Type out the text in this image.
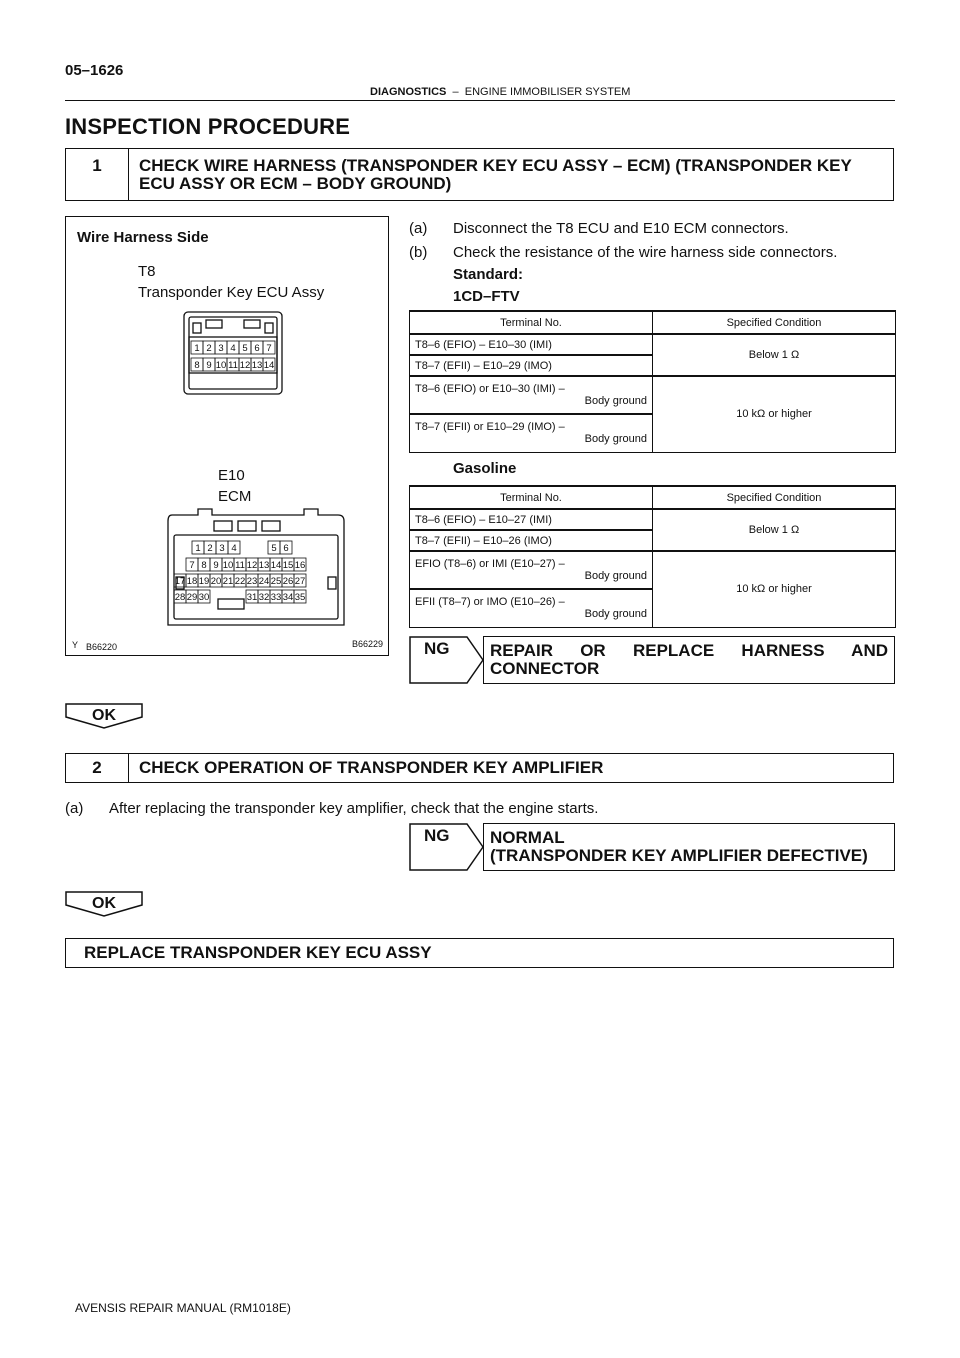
05–1626
DIAGNOSTICS – ENGINE IMMOBILISER SYSTEM
INSPECTION PROCEDURE
1	CHECK WIRE HARNESS (TRANSPONDER KEY ECU ASSY – ECM) (TRANSPONDER KEY ECU ASSY OR ECM – BODY GROUND)
Wire Harness Side
T8
Transponder Key ECU Assy
1 2 3 4 5 6 7
8 9 10 11 12 13 14
E10
ECM
1 2 3 4	5 6
7 8 9 10 11 12 13 14 15 16
17 18 19 20 21 22 23 24 25 26 27
28 29 30	31 32 33 34 35
Y B66220	B66229
(a) Disconnect the T8 ECU and E10 ECM connectors.
(b) Check the resistance of the wire harness side connectors.
Standard:
1CD–FTV
Terminal No.	Specified Condition
T8–6 (EFIO) – E10–30 (IMI)	Below 1 Ω
T8–7 (EFII) – E10–29 (IMO)	

T8–6 (EFIO) or E10–30 (IMI) –
Body ground	10 kΩ or higher

T8–7 (EFII) or E10–29 (IMO) –
Body ground	
Gasoline
Terminal No.	Specified Condition
T8–6 (EFIO) – E10–27 (IMI)	Below 1 Ω
T8–7 (EFII) – E10–26 (IMO)	

EFIO (T8–6) or IMI (E10–27) –
Body ground	10 kΩ or higher

EFII (T8–7) or IMO (E10–26) –
Body ground	
NG REPAIR OR REPLACE HARNESS AND
CONNECTOR
OK
2	CHECK OPERATION OF TRANSPONDER KEY AMPLIFIER
(a) After replacing the transponder key amplifier, check that the engine starts.
NG NORMAL
(TRANSPONDER KEY AMPLIFIER DEFECTIVE)
OK
REPLACE TRANSPONDER KEY ECU ASSY
AVENSIS REPAIR MANUAL (RM1018E)
